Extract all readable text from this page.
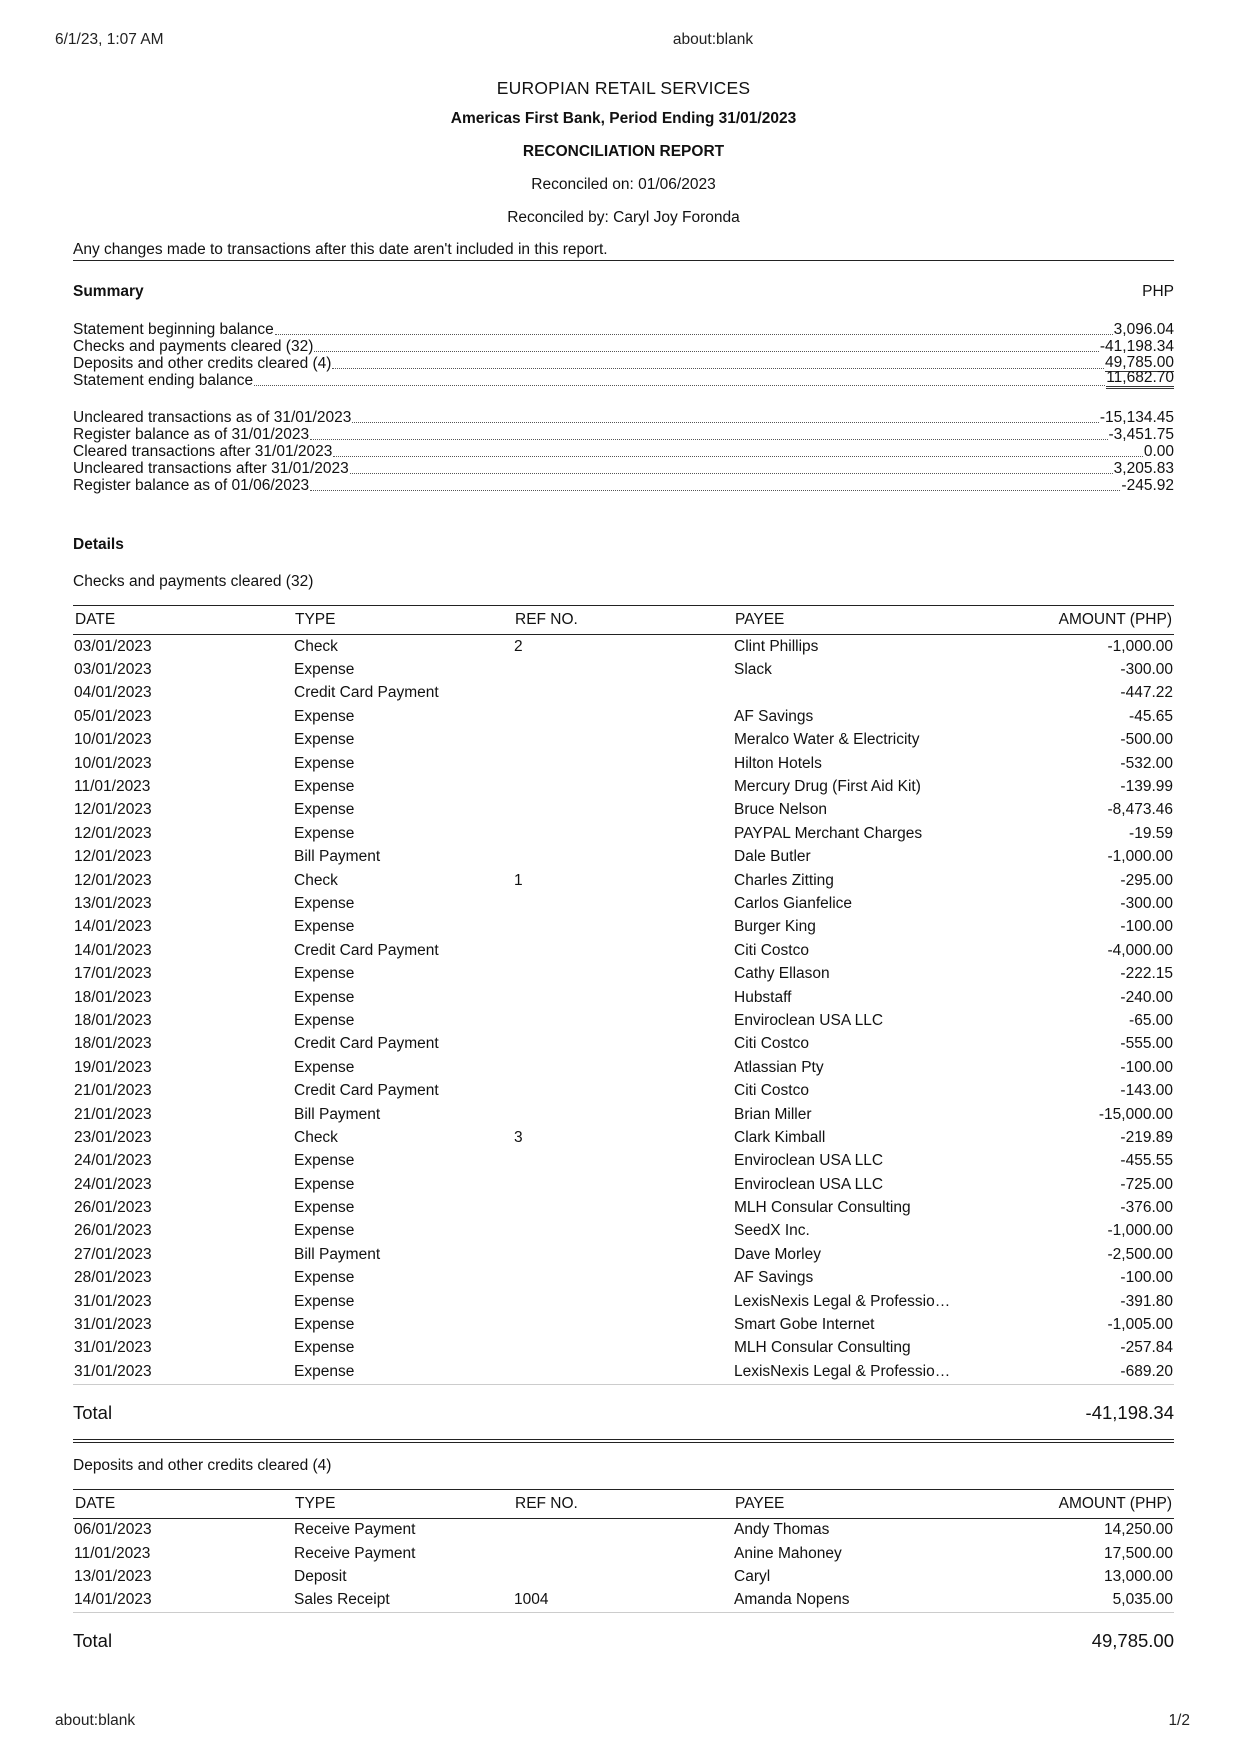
6/1/23, 1:07 AM	about:blank
EUROPIAN RETAIL SERVICES
Americas First Bank, Period Ending 31/01/2023
RECONCILIATION REPORT
Reconciled on: 01/06/2023
Reconciled by: Caryl Joy Foronda
Any changes made to transactions after this date aren't included in this report.
Summary	PHP
Statement beginning balance	3,096.04
Checks and payments cleared (32)	-41,198.34
Deposits and other credits cleared (4)	49,785.00
Statement ending balance	11,682.70
Uncleared transactions as of 31/01/2023	-15,134.45
Register balance as of 31/01/2023	-3,451.75
Cleared transactions after 31/01/2023	0.00
Uncleared transactions after 31/01/2023	3,205.83
Register balance as of 01/06/2023	-245.92
Details
Checks and payments cleared (32)
DATE	TYPE	REF NO.	PAYEE	AMOUNT (PHP)
03/01/2023	Check	2	Clint Phillips	-1,000.00
03/01/2023	Expense		Slack	-300.00
04/01/2023	Credit Card Payment			-447.22
05/01/2023	Expense		AF Savings	-45.65
10/01/2023	Expense		Meralco Water & Electricity	-500.00
10/01/2023	Expense		Hilton Hotels	-532.00
11/01/2023	Expense		Mercury Drug (First Aid Kit)	-139.99
12/01/2023	Expense		Bruce Nelson	-8,473.46
12/01/2023	Expense		PAYPAL Merchant Charges	-19.59
12/01/2023	Bill Payment		Dale Butler	-1,000.00
12/01/2023	Check	1	Charles Zitting	-295.00
13/01/2023	Expense		Carlos Gianfelice	-300.00
14/01/2023	Expense		Burger King	-100.00
14/01/2023	Credit Card Payment		Citi Costco	-4,000.00
17/01/2023	Expense		Cathy Ellason	-222.15
18/01/2023	Expense		Hubstaff	-240.00
18/01/2023	Expense		Enviroclean USA LLC	-65.00
18/01/2023	Credit Card Payment		Citi Costco	-555.00
19/01/2023	Expense		Atlassian Pty	-100.00
21/01/2023	Credit Card Payment		Citi Costco	-143.00
21/01/2023	Bill Payment		Brian Miller	-15,000.00
23/01/2023	Check	3	Clark Kimball	-219.89
24/01/2023	Expense		Enviroclean USA LLC	-455.55
24/01/2023	Expense		Enviroclean USA LLC	-725.00
26/01/2023	Expense		MLH Consular Consulting	-376.00
26/01/2023	Expense		SeedX Inc.	-1,000.00
27/01/2023	Bill Payment		Dave Morley	-2,500.00
28/01/2023	Expense		AF Savings	-100.00
31/01/2023	Expense		LexisNexis Legal & Professio…	-391.80
31/01/2023	Expense		Smart Gobe Internet	-1,005.00
31/01/2023	Expense		MLH Consular Consulting	-257.84
31/01/2023	Expense		LexisNexis Legal & Professio…	-689.20
Total	-41,198.34
Deposits and other credits cleared (4)
DATE	TYPE	REF NO.	PAYEE	AMOUNT (PHP)
06/01/2023	Receive Payment		Andy Thomas	14,250.00
11/01/2023	Receive Payment		Anine Mahoney	17,500.00
13/01/2023	Deposit		Caryl	13,000.00
14/01/2023	Sales Receipt	1004	Amanda Nopens	5,035.00
Total	49,785.00
about:blank	1/2
